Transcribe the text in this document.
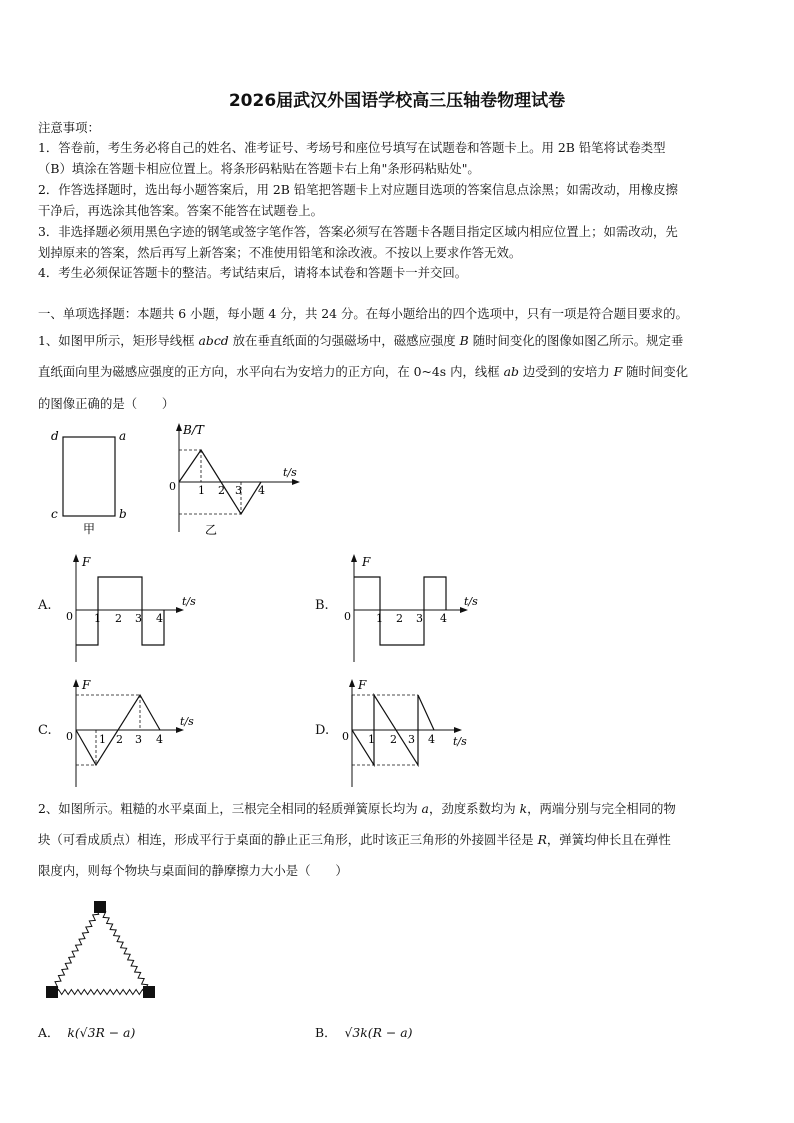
2026届武汉外国语学校高三压轴卷物理试卷
注意事项：
1．答卷前，考生务必将自己的姓名、准考证号、考场号和座位号填写在试题卷和答题卡上。用 2B 铅笔将试卷类型
（B）填涂在答题卡相应位置上。将条形码粘贴在答题卡右上角"条形码粘贴处"。
2．作答选择题时，选出每小题答案后，用 2B 铅笔把答题卡上对应题目选项的答案信息点涂黑；如需改动，用橡皮擦
干净后，再选涂其他答案。答案不能答在试题卷上。
3．非选择题必须用黑色字迹的钢笔或签字笔作答，答案必须写在答题卡各题目指定区域内相应位置上；如需改动，先
划掉原来的答案，然后再写上新答案；不准使用铅笔和涂改液。不按以上要求作答无效。
4．考生必须保证答题卡的整洁。考试结束后，请将本试卷和答题卡一并交回。
一、单项选择题：本题共 6 小题，每小题 4 分，共 24 分。在每小题给出的四个选项中，只有一项是符合题目要求的。
1、如图甲所示，矩形导线框 abcd 放在垂直纸面的匀强磁场中，磁感应强度 B 随时间变化的图像如图乙所示。规定垂
直纸面向里为磁感应强度的正方向，水平向右为安培力的正方向，在 0~4s 内，线框 ab 边受到的安培力 F 随时间变化
的图像正确的是（　　）
d	a
c	b
甲
B/T
t/s
0 1 2 3 4
乙
A.
F
t/s
0 1 2 3 4
B.
F
t/s
0 1 2 3 4
C.
F
t/s
0 1 2 3 4
D.
F
t/s
0 1 2 3 4
2、如图所示。粗糙的水平桌面上，三根完全相同的轻质弹簧原长均为 a，劲度系数均为 k，两端分别与完全相同的物
块（可看成质点）相连，形成平行于桌面的静止正三角形，此时该正三角形的外接圆半径是 R，弹簧均伸长且在弹性
限度内，则每个物块与桌面间的静摩擦力大小是（　　）
A． k(√3R − a)	B． √3k(R − a)
